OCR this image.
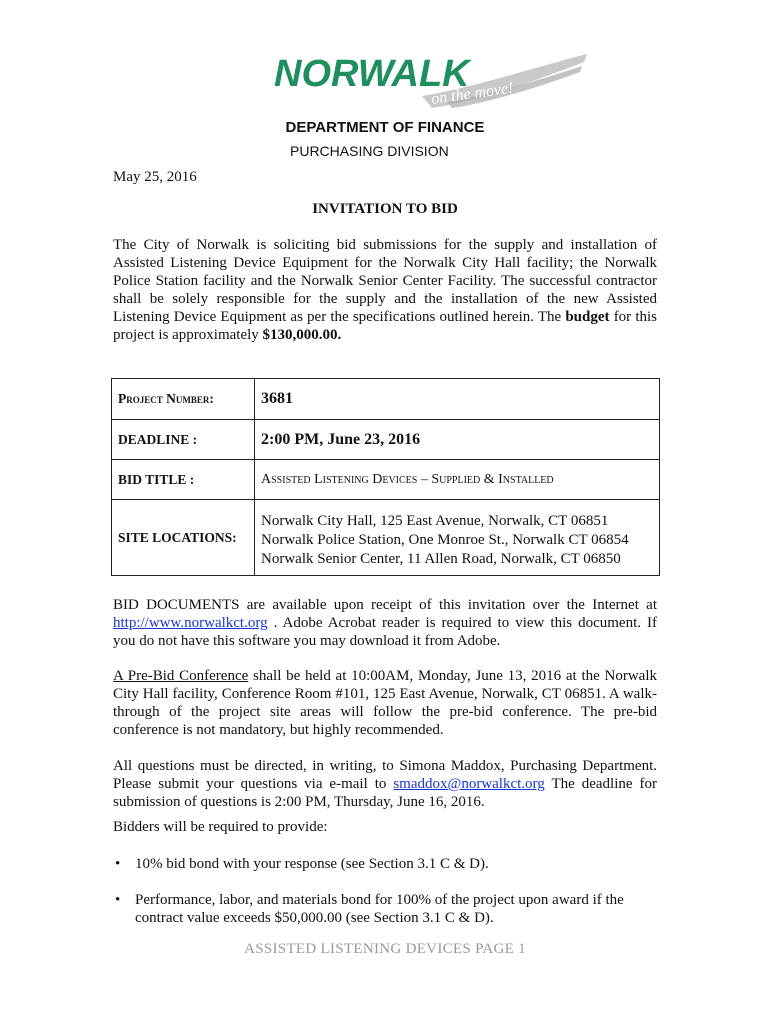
NORWALK
on the move!
DEPARTMENT OF FINANCE
PURCHASING DIVISION
May 25, 2016
INVITATION TO BID
The City of Norwalk is soliciting bid submissions for the supply and installation of Assisted Listening Device Equipment for the Norwalk City Hall facility; the Norwalk Police Station facility and the Norwalk Senior Center Facility. The successful contractor shall be solely responsible for the supply and the installation of the new Assisted Listening Device Equipment as per the specifications outlined herein. The budget for this project is approximately $130,000.00.
Project Number:	3681
DEADLINE :	2:00 PM, June 23, 2016
BID TITLE :	Assisted Listening Devices – Supplied & Installed
SITE LOCATIONS:	Norwalk City Hall, 125 East Avenue, Norwalk, CT 06851
Norwalk Police Station, One Monroe St., Norwalk CT 06854
Norwalk Senior Center, 11 Allen Road, Norwalk, CT 06850
BID DOCUMENTS are available upon receipt of this invitation over the Internet at http://www.norwalkct.org . Adobe Acrobat reader is required to view this document. If you do not have this software you may download it from Adobe.
A Pre-Bid Conference shall be held at 10:00AM, Monday, June 13, 2016 at the Norwalk City Hall facility, Conference Room #101, 125 East Avenue, Norwalk, CT 06851. A walk-through of the project site areas will follow the pre-bid conference. The pre-bid conference is not mandatory, but highly recommended.
All questions must be directed, in writing, to Simona Maddox, Purchasing Department. Please submit your questions via e-mail to smaddox@norwalkct.org The deadline for submission of questions is 2:00 PM, Thursday, June 16, 2016.
Bidders will be required to provide:
• 10% bid bond with your response (see Section 3.1 C & D).
• Performance, labor, and materials bond for 100% of the project upon award if the contract value exceeds $50,000.00 (see Section 3.1 C & D).
ASSISTED LISTENING DEVICES PAGE 1
